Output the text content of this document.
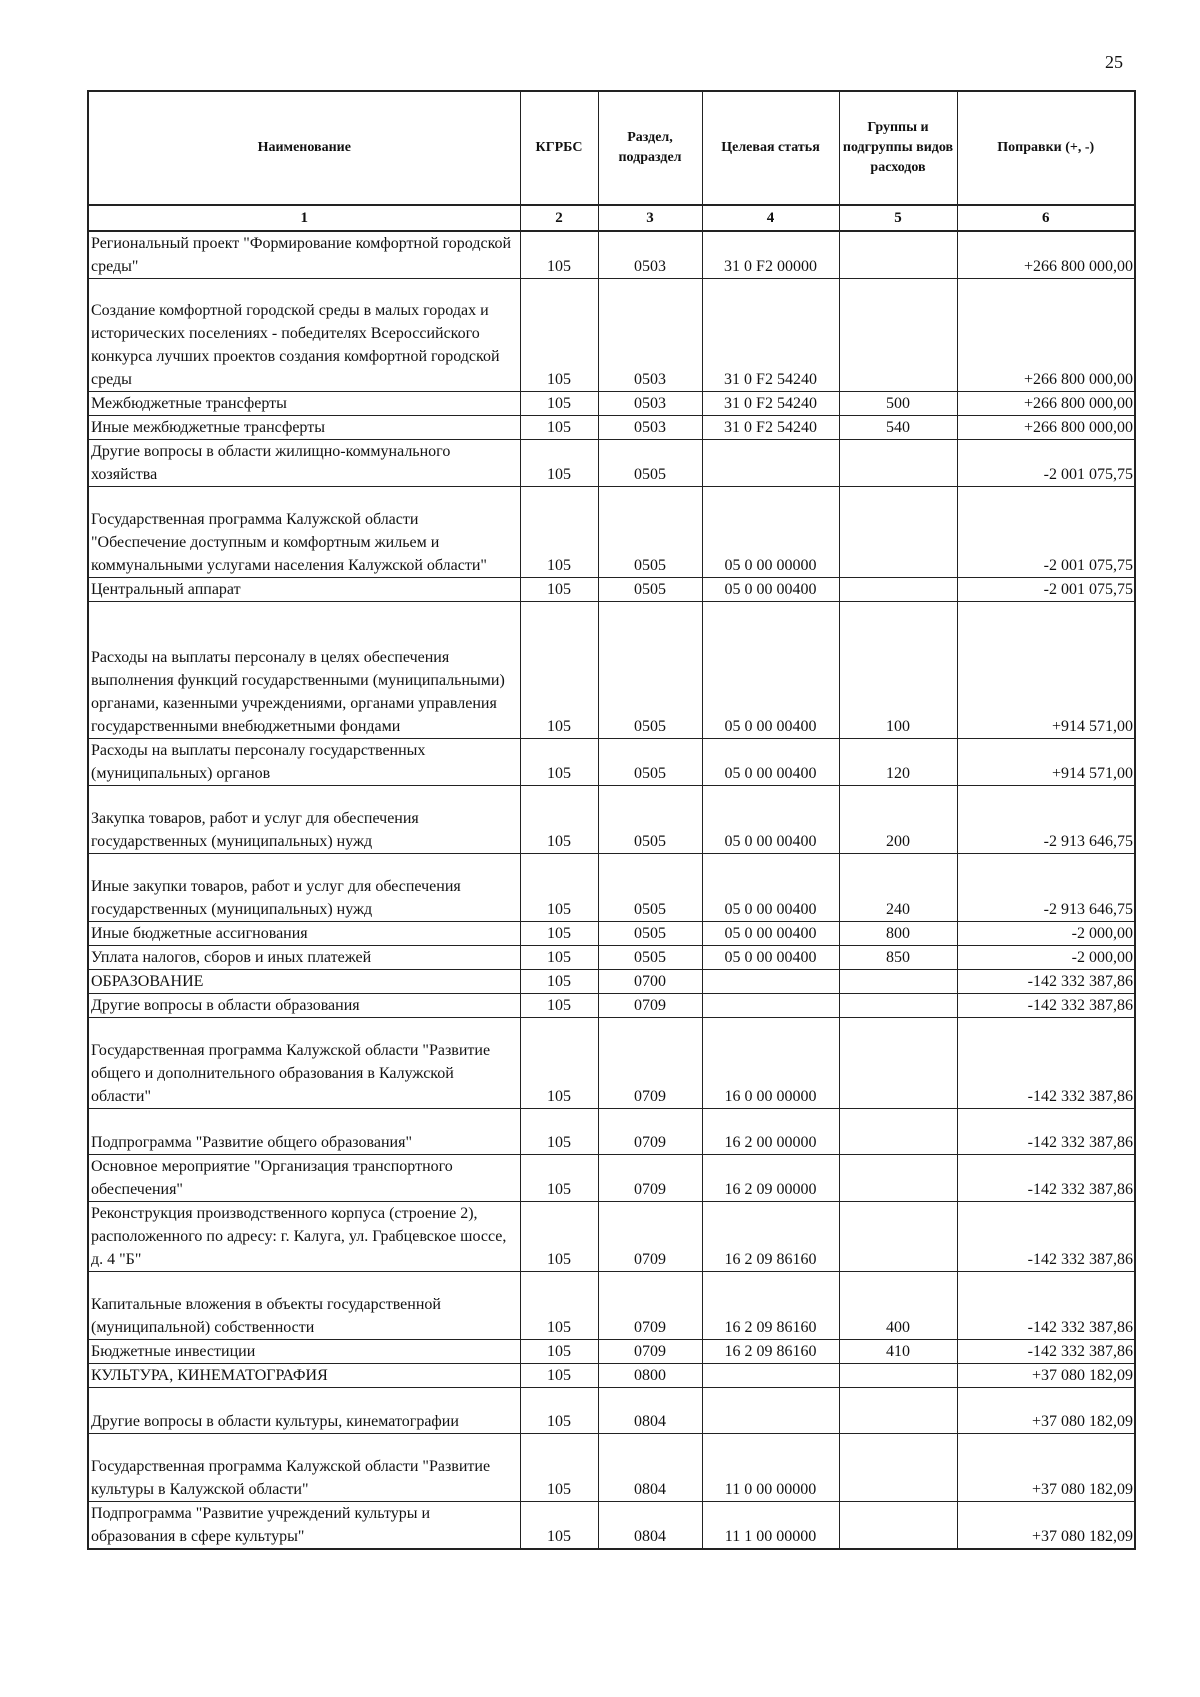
25
Наименование	КГРБС	Раздел, подраздел	Целевая статья	Группы и подгруппы видов расходов	Поправки (+, -)
1	2	3	4	5	6
Региональный проект "Формирование комфортной городской среды"	105	0503	31 0 F2 00000		+266 800 000,00
Создание комфортной городской среды в малых городах и исторических поселениях - победителях Всероссийского конкурса лучших проектов создания комфортной городской среды	105	0503	31 0 F2 54240		+266 800 000,00
Межбюджетные трансферты	105	0503	31 0 F2 54240	500	+266 800 000,00
Иные межбюджетные трансферты	105	0503	31 0 F2 54240	540	+266 800 000,00
Другие вопросы в области жилищно-коммунального хозяйства	105	0505			-2 001 075,75
Государственная программа Калужской области "Обеспечение доступным и комфортным жильем и коммунальными услугами населения Калужской области"	105	0505	05 0 00 00000		-2 001 075,75
Центральный аппарат	105	0505	05 0 00 00400		-2 001 075,75
Расходы на выплаты персоналу в целях обеспечения выполнения функций государственными (муниципальными) органами, казенными учреждениями, органами управления государственными внебюджетными фондами	105	0505	05 0 00 00400	100	+914 571,00
Расходы на выплаты персоналу государственных (муниципальных) органов	105	0505	05 0 00 00400	120	+914 571,00
Закупка товаров, работ и услуг для обеспечения государственных (муниципальных) нужд	105	0505	05 0 00 00400	200	-2 913 646,75
Иные закупки товаров, работ и услуг для обеспечения государственных (муниципальных) нужд	105	0505	05 0 00 00400	240	-2 913 646,75
Иные бюджетные ассигнования	105	0505	05 0 00 00400	800	-2 000,00
Уплата налогов, сборов и иных платежей	105	0505	05 0 00 00400	850	-2 000,00
ОБРАЗОВАНИЕ	105	0700			-142 332 387,86
Другие вопросы в области образования	105	0709			-142 332 387,86
Государственная программа Калужской области "Развитие общего и дополнительного образования в Калужской области"	105	0709	16 0 00 00000		-142 332 387,86
Подпрограмма "Развитие общего образования"	105	0709	16 2 00 00000		-142 332 387,86
Основное мероприятие "Организация транспортного обеспечения"	105	0709	16 2 09 00000		-142 332 387,86
Реконструкция производственного корпуса (строение 2), расположенного по адресу: г. Калуга, ул. Грабцевское шоссе, д. 4 "Б"	105	0709	16 2 09 86160		-142 332 387,86
Капитальные вложения в объекты государственной (муниципальной) собственности	105	0709	16 2 09 86160	400	-142 332 387,86
Бюджетные инвестиции	105	0709	16 2 09 86160	410	-142 332 387,86
КУЛЬТУРА, КИНЕМАТОГРАФИЯ	105	0800			+37 080 182,09
Другие вопросы в области культуры, кинематографии	105	0804			+37 080 182,09
Государственная программа Калужской области "Развитие культуры в Калужской области"	105	0804	11 0 00 00000		+37 080 182,09
Подпрограмма "Развитие учреждений культуры и образования в сфере культуры"	105	0804	11 1 00 00000		+37 080 182,09
